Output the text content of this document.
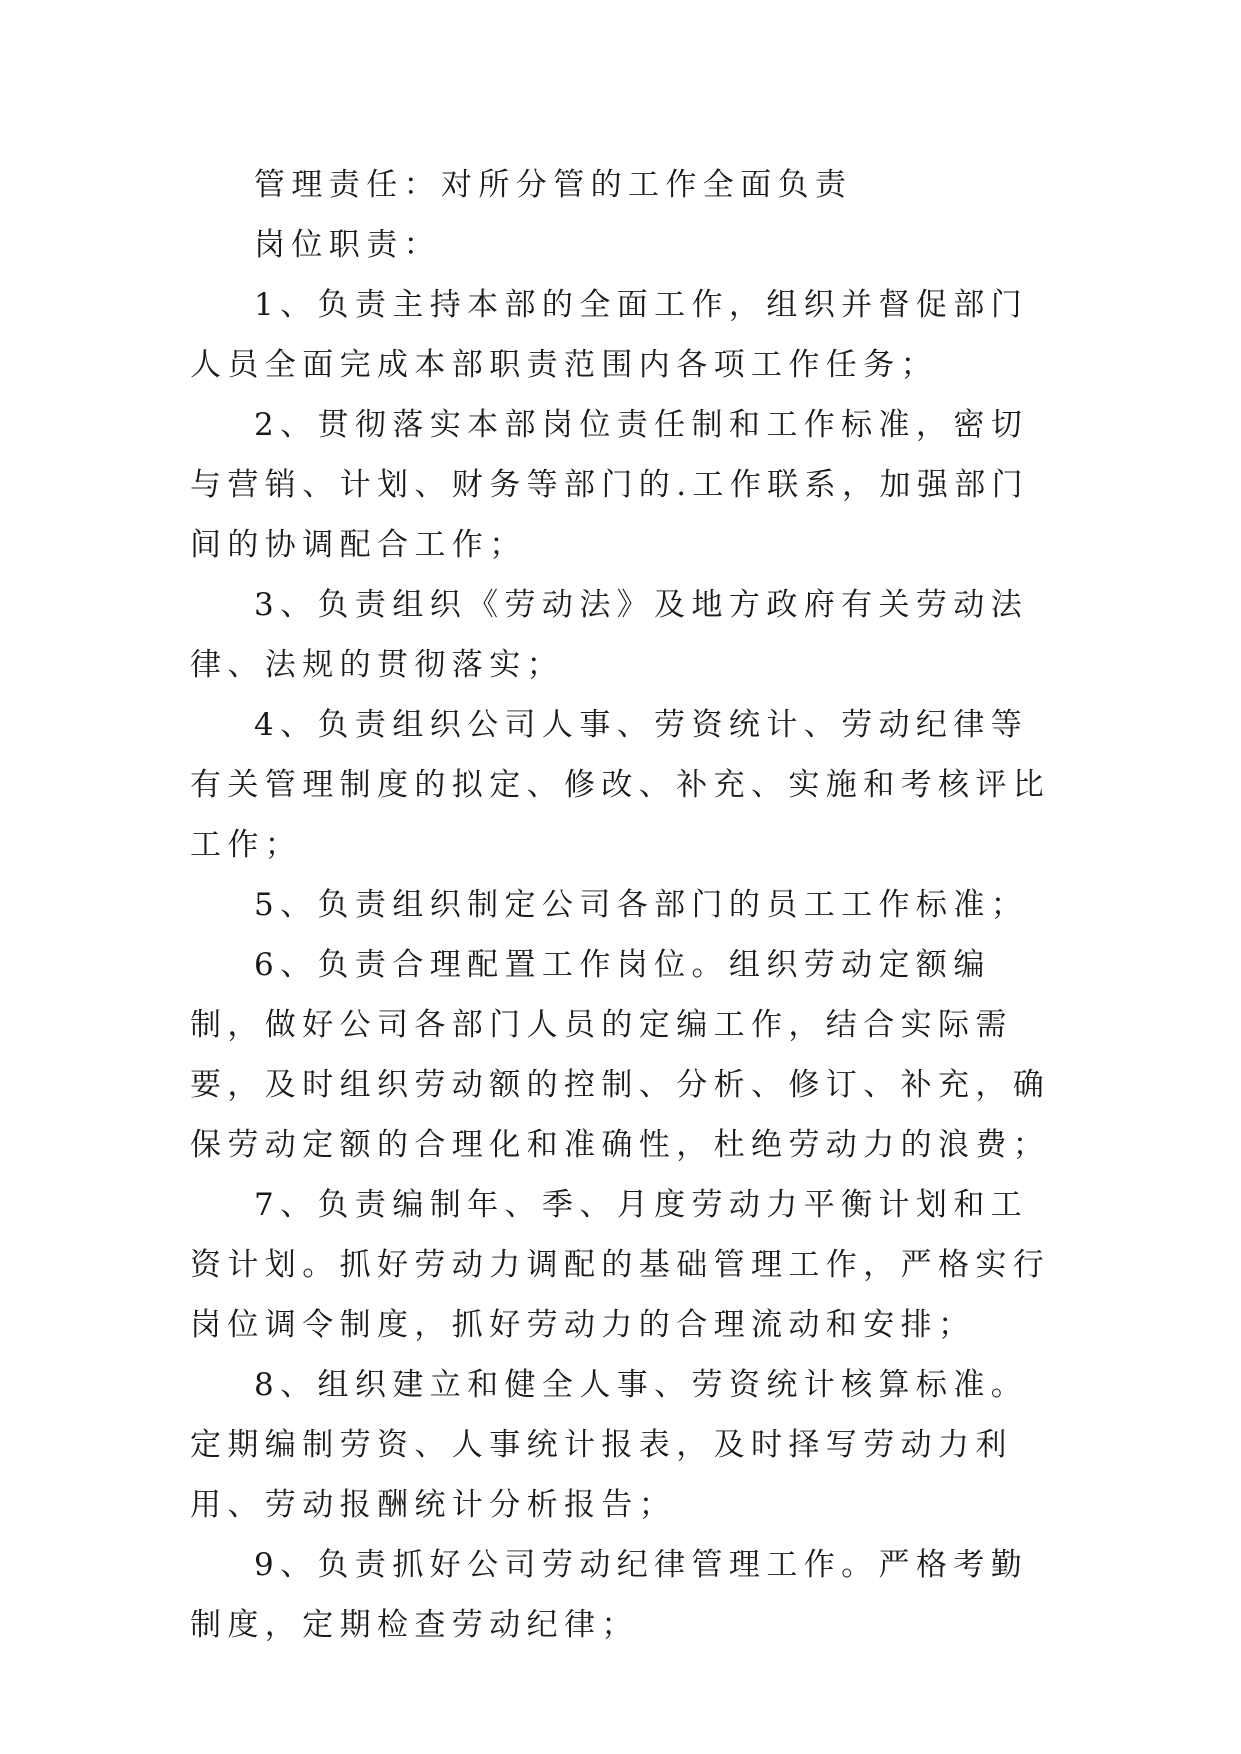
管理责任：对所分管的工作全面负责

岗位职责：

1、负责主持本部的全面工作，组织并督促部门人员全面完成本部职责范围内各项工作任务；

2、贯彻落实本部岗位责任制和工作标准，密切与营销、计划、财务等部门的.工作联系，加强部门间的协调配合工作；

3、负责组织《劳动法》及地方政府有关劳动法律、法规的贯彻落实；

4、负责组织公司人事、劳资统计、劳动纪律等有关管理制度的拟定、修改、补充、实施和考核评比工作；

5、负责组织制定公司各部门的员工工作标准；

6、负责合理配置工作岗位。组织劳动定额编制，做好公司各部门人员的定编工作，结合实际需要，及时组织劳动额的控制、分析、修订、补充，确保劳动定额的合理化和准确性，杜绝劳动力的浪费；

7、负责编制年、季、月度劳动力平衡计划和工资计划。抓好劳动力调配的基础管理工作，严格实行岗位调令制度，抓好劳动力的合理流动和安排；

8、组织建立和健全人事、劳资统计核算标准。定期编制劳资、人事统计报表，及时择写劳动力利用、劳动报酬统计分析报告；

9、负责抓好公司劳动纪律管理工作。严格考勤制度，定期检查劳动纪律；
